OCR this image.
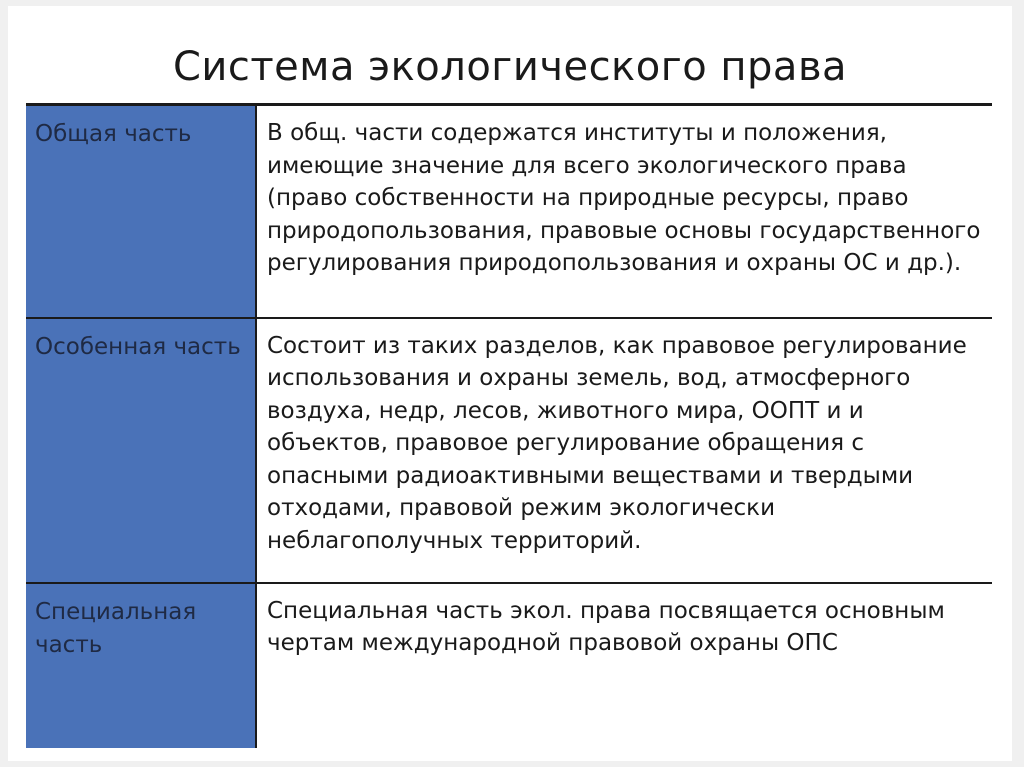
Система экологического права
Общая часть	В общ. части содержатся институты и положения, имеющие значение для всего экологического права (право собственности на природные ресурсы, право природопользования, правовые основы государственного регулирования природопользования и охраны ОС и др.).
Особенная часть	Состоит из таких разделов, как правовое регулирование использования и охраны земель, вод, атмосферного воздуха, недр, лесов, животного мира, ООПТ и и объектов, правовое регулирование обращения с опасными радиоактивными веществами и твердыми отходами, правовой режим экологически неблагополучных территорий.
Специальная часть	Специальная часть экол. права посвящается основным чертам международной правовой охраны ОПС
